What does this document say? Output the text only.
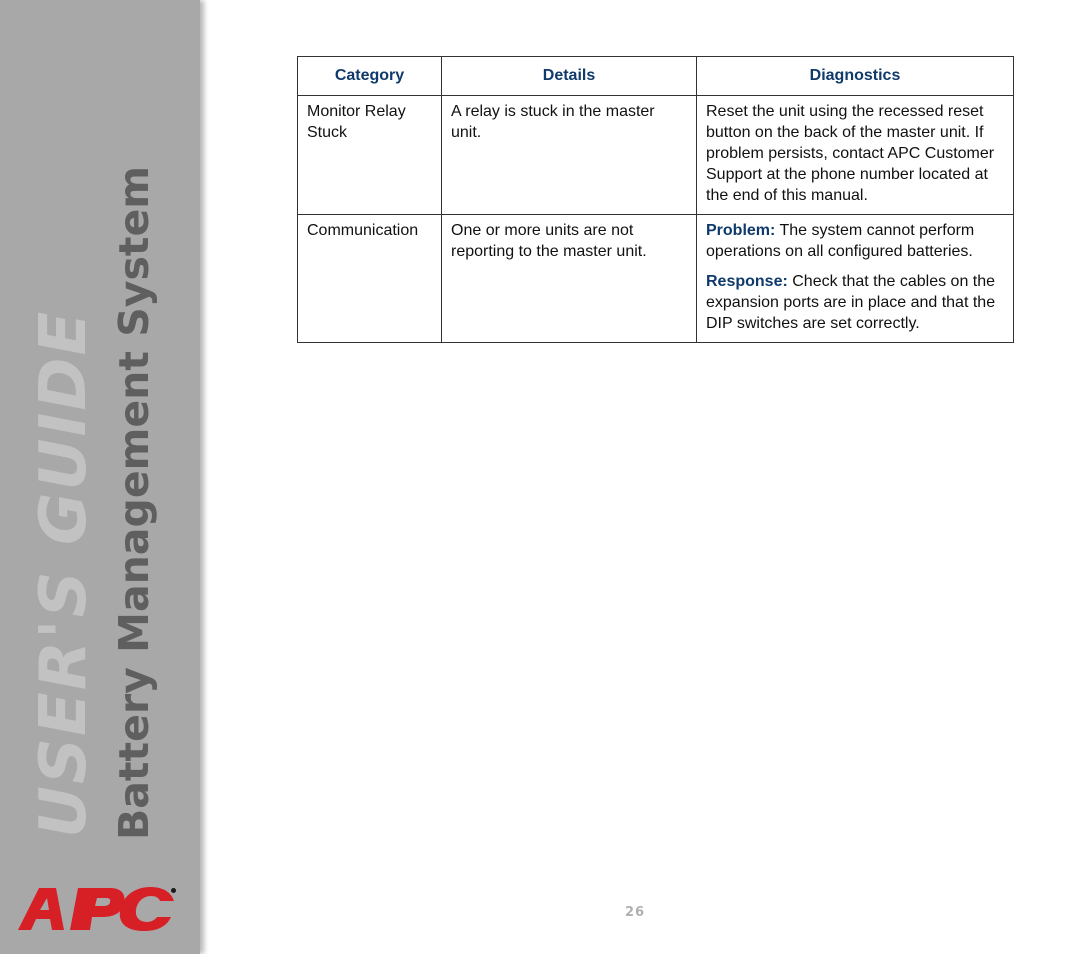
USER'S GUIDE Battery Management System
Category	Details	Diagnostics
Monitor Relay Stuck	A relay is stuck in the master unit.	Reset the unit using the recessed reset button on the back of the master unit. If problem persists, contact APC Customer Support at the phone number located at the end of this manual.
Communication	One or more units are not reporting to the master unit.	Problem: The system cannot perform operations on all configured batteries.
Response: Check that the cables on the expansion ports are in place and that the DIP switches are set correctly.
26
